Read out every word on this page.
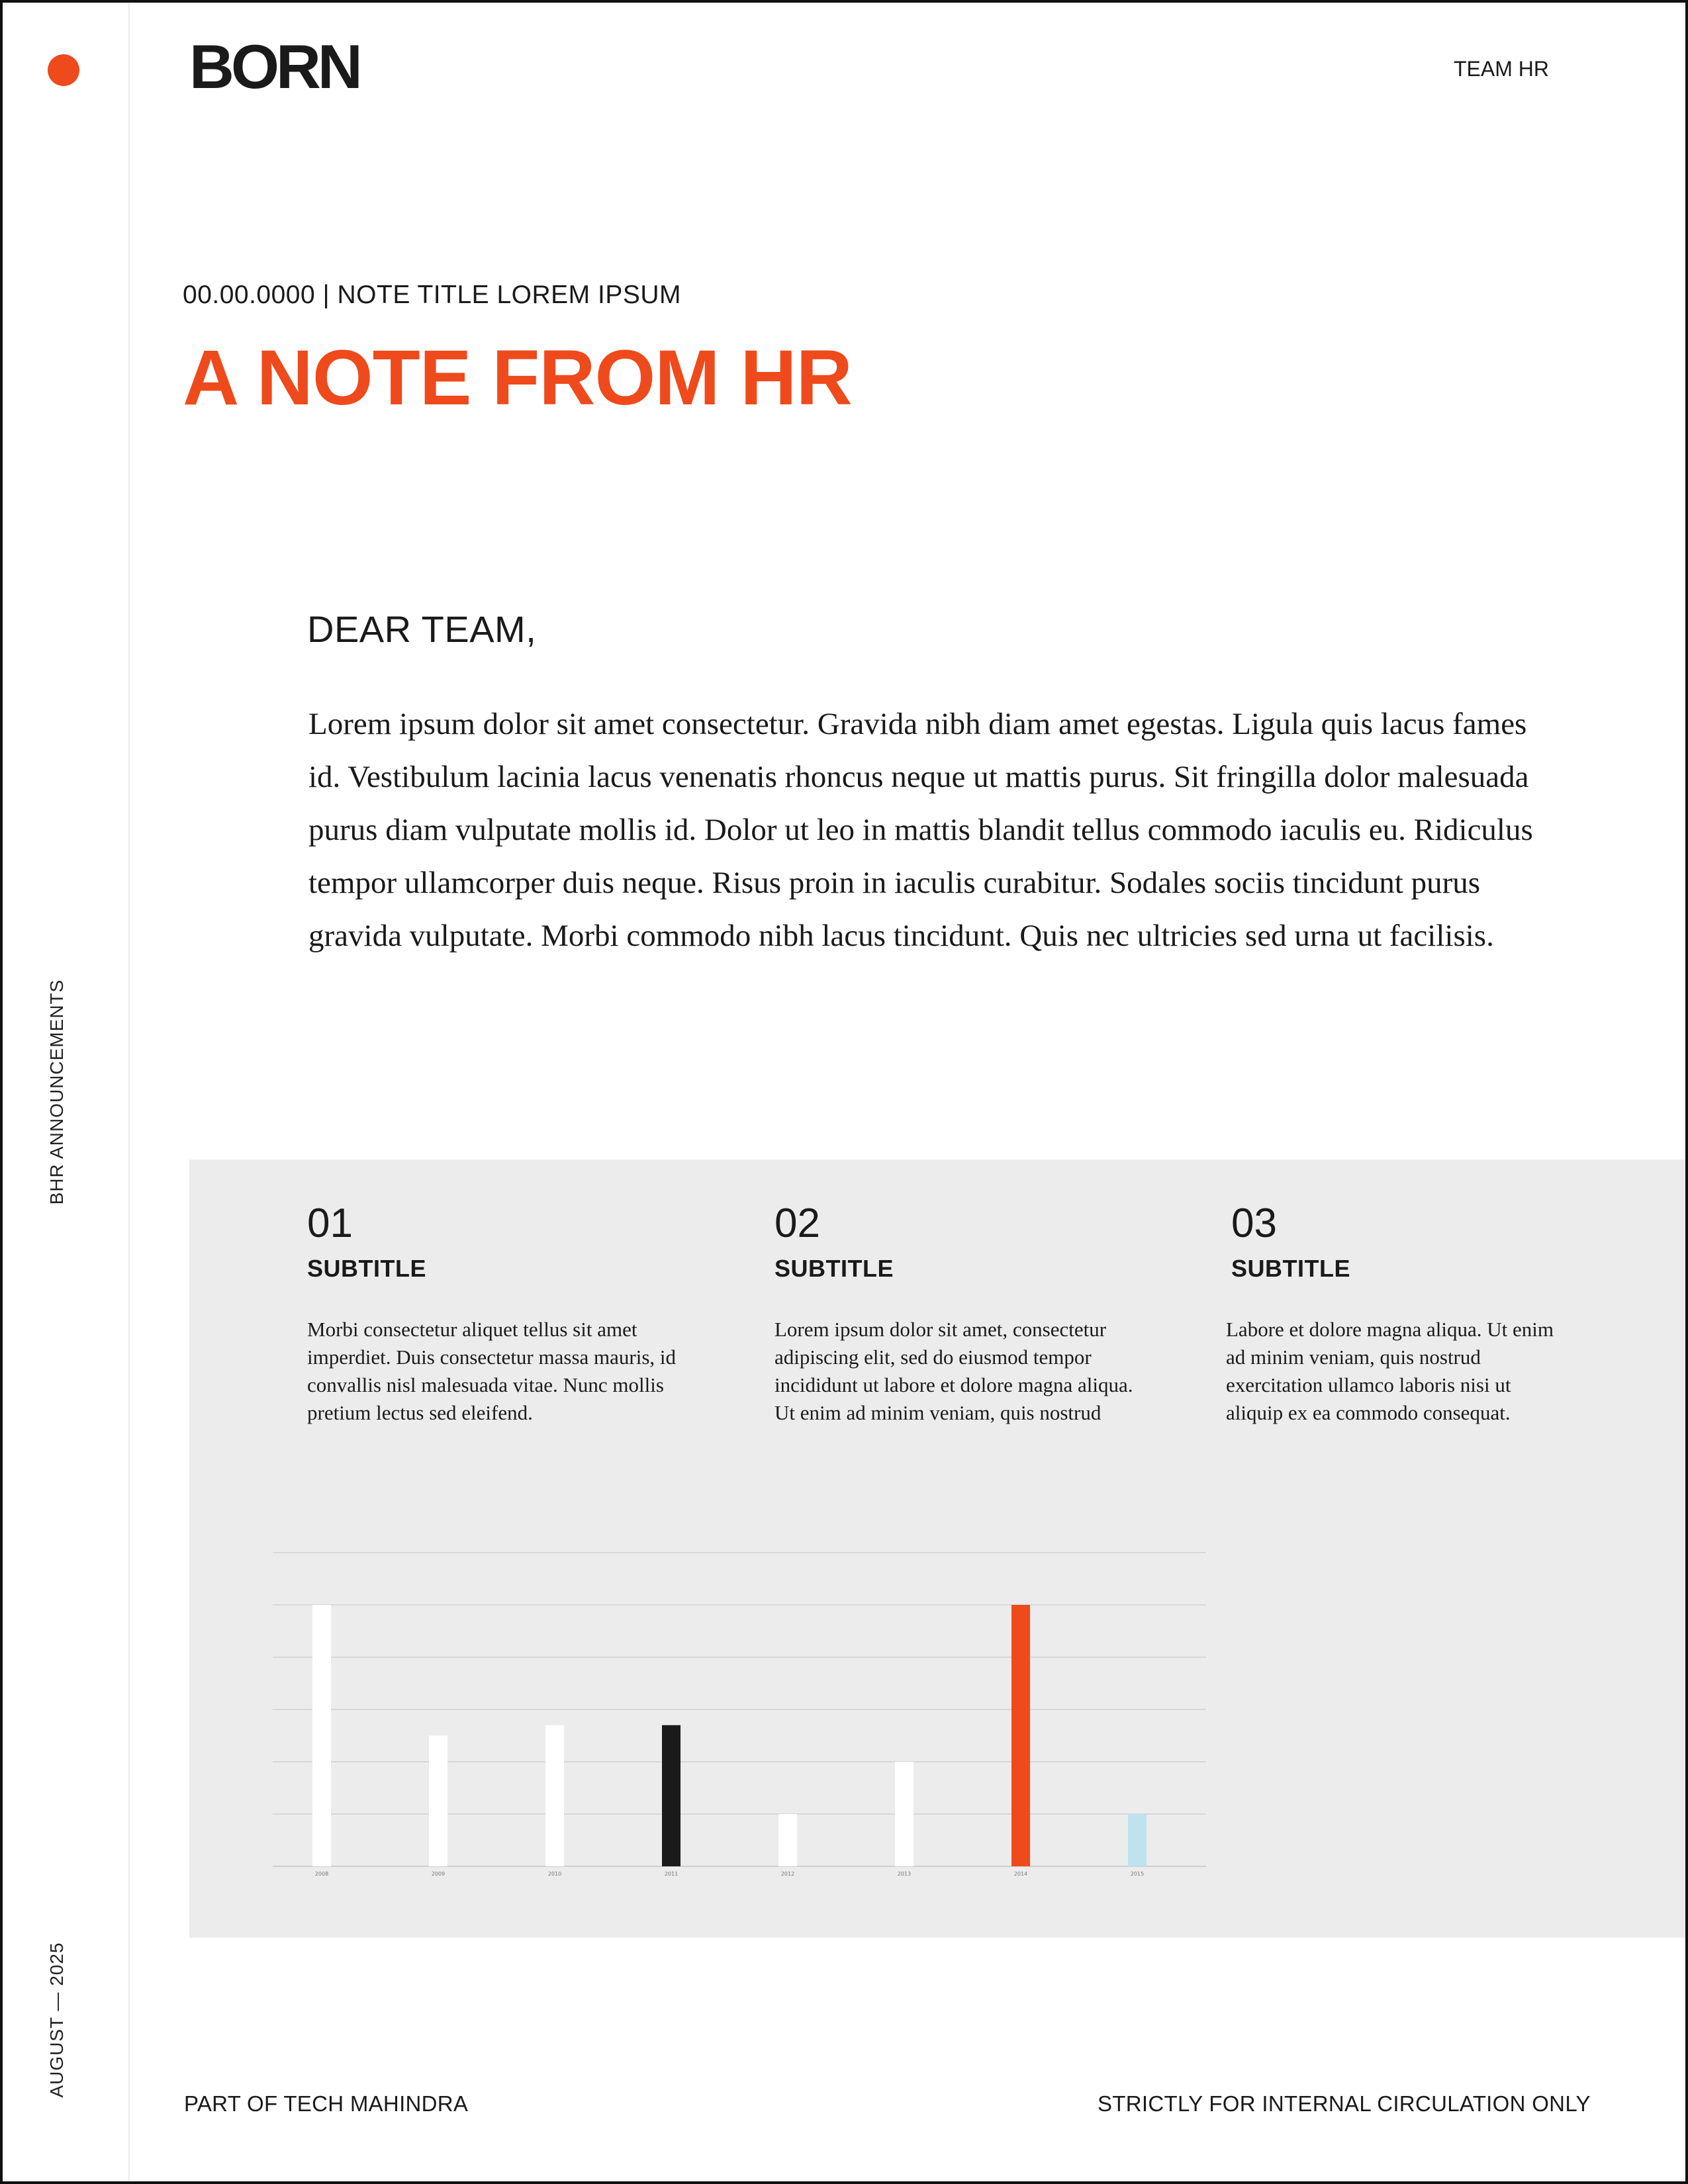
BHR ANNOUNCEMENTS
AUGUST — 2025
BORN	TEAM HR
00.00.0000 | NOTE TITLE LOREM IPSUM
A NOTE FROM HR
DEAR TEAM,
Lorem ipsum dolor sit amet consectetur. Gravida nibh diam amet egestas. Ligula quis lacus fames id. Vestibulum lacinia lacus venenatis rhoncus neque ut mattis purus. Sit fringilla dolor malesuada purus diam vulputate mollis id. Dolor ut leo in mattis blandit tellus commodo iaculis eu. Ridiculus tempor ullamcorper duis neque. Risus proin in iaculis curabitur. Sodales sociis tincidunt purus gravida vulputate. Morbi commodo nibh lacus tincidunt. Quis nec ultricies sed urna ut facilisis.
01
SUBTITLE
Morbi consectetur aliquet tellus sit amet imperdiet. Duis consectetur massa mauris, id convallis nisl malesuada vitae. Nunc mollis pretium lectus sed eleifend.
02
SUBTITLE
Lorem ipsum dolor sit amet, consectetur adipiscing elit, sed do eiusmod tempor incididunt ut labore et dolore magna aliqua. Ut enim ad minim veniam, quis nostrud
03
SUBTITLE
Labore et dolore magna aliqua. Ut enim ad minim veniam, quis nostrud exercitation ullamco laboris nisi ut aliquip ex ea commodo consequat.
2008	2009	2010	2011	2012	2013	2014	2015
PART OF TECH MAHINDRA	STRICTLY FOR INTERNAL CIRCULATION ONLY
